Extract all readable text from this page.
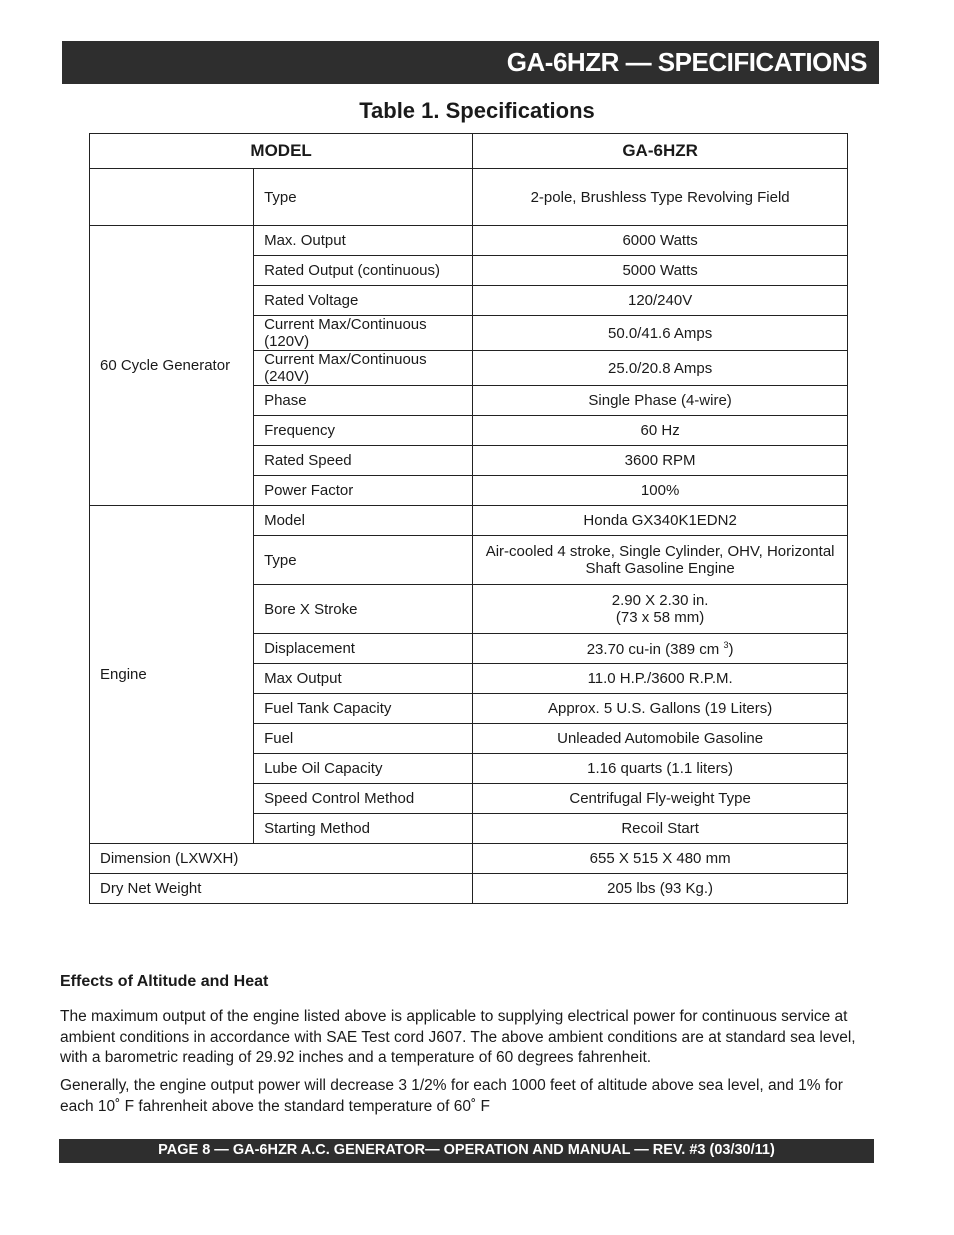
GA-6HZR — SPECIFICATIONS
Table 1. Specifications
MODEL		GA-6HZR
	Type	2-pole, Brushless Type Revolving Field
60 Cycle Generator	Max. Output	6000 Watts
	Rated Output (continuous)	5000 Watts
	Rated Voltage	120/240V
	Current Max/Continuous (120V)	50.0/41.6 Amps
	Current Max/Continuous (240V)	25.0/20.8 Amps
	Phase	Single Phase (4-wire)
	Frequency	60 Hz
	Rated Speed	3600 RPM
	Power Factor	100%
Engine	Model	Honda GX340K1EDN2
	Type	Air-cooled 4 stroke, Single Cylinder, OHV, Horizontal
Shaft Gasoline Engine
	Bore X Stroke	2.90 X 2.30 in.
(73 x 58 mm)
	Displacement	23.70 cu-in (389 cm $^3$)
	Max Output	11.0 H.P./3600 R.P.M.
	Fuel Tank Capacity	Approx. 5 U.S. Gallons (19 Liters)
	Fuel	Unleaded Automobile Gasoline
	Lube Oil Capacity	1.16 quarts (1.1 liters)
	Speed Control Method	Centrifugal Fly-weight Type
	Starting Method	Recoil Start
Dimension (LXWXH)		655 X 515 X 480 mm
Dry Net Weight		205 lbs (93 Kg.)
Effects of Altitude and Heat

The maximum output of the engine listed above is applicable to supplying electrical power for continuous service at ambient conditions in accordance with SAE Test cord J607. The above ambient conditions are at standard sea level, with a barometric reading of 29.92 inches and a temperature of 60 degrees fahrenheit.

Generally, the engine output power will decrease 3 1/2% for each 1000 feet of altitude above sea level, and 1% for each 10˚ F fahrenheit above the standard temperature of 60˚ F

PAGE 8 — GA-6HZR A.C. GENERATOR— OPERATION AND MANUAL — REV. #3 (03/30/11)
